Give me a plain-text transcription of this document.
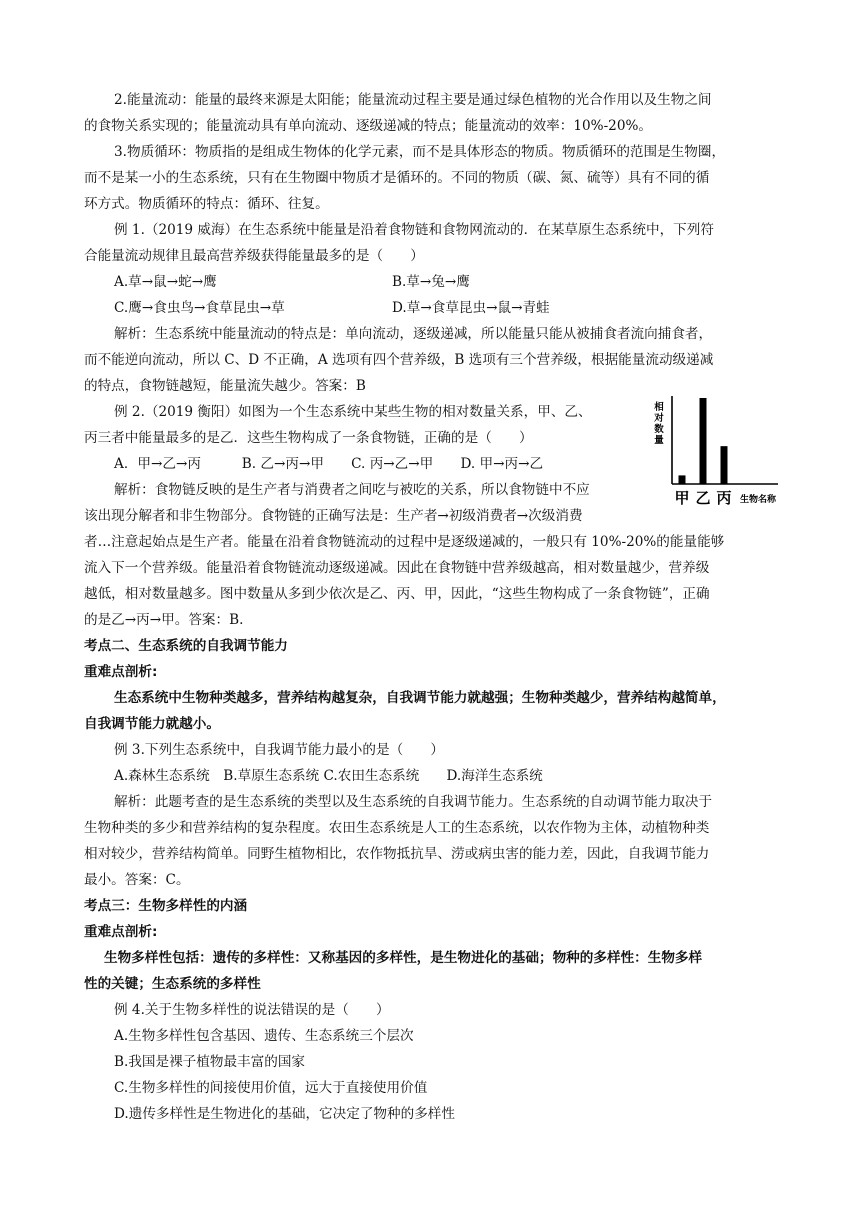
2.能量流动：能量的最终来源是太阳能；能量流动过程主要是通过绿色植物的光合作用以及生物之间
的食物关系实现的；能量流动具有单向流动、逐级递减的特点；能量流动的效率：10%-20%。
3.物质循环：物质指的是组成生物体的化学元素，而不是具体形态的物质。物质循环的范围是生物圈，
而不是某一小的生态系统，只有在生物圈中物质才是循环的。不同的物质（碳、氮、硫等）具有不同的循
环方式。物质循环的特点：循环、往复。
例 1.（2019 威海）在生态系统中能量是沿着食物链和食物网流动的．在某草原生态系统中，下列符
合能量流动规律且最高营养级获得能量最多的是（　　）
A.草→鼠→蛇→鹰	B.草→兔→鹰
C.鹰→食虫鸟→食草昆虫→草	D.草→食草昆虫→鼠→青蛙
解析：生态系统中能量流动的特点是：单向流动，逐级递减，所以能量只能从被捕食者流向捕食者，
而不能逆向流动，所以 C、D 不正确，A 选项有四个营养级，B 选项有三个营养级，根据能量流动级递减
的特点，食物链越短，能量流失越少。答案：B
例 2.（2019 衡阳）如图为一个生态系统中某些生物的相对数量关系，甲、乙、
丙三者中能量最多的是乙．这些生物构成了一条食物链，正确的是（　　）
A．甲→乙→丙　　　B. 乙→丙→甲　　C. 丙→乙→甲　　D. 甲→丙→乙
解析：食物链反映的是生产者与消费者之间吃与被吃的关系，所以食物链中不应
该出现分解者和非生物部分。食物链的正确写法是：生产者→初级消费者→次级消费
者…注意起始点是生产者。能量在沿着食物链流动的过程中是逐级递减的，一般只有 10%-20%的能量能够
流入下一个营养级。能量沿着食物链流动逐级递减。因此在食物链中营养级越高，相对数量越少，营养级
越低，相对数量越多。图中数量从多到少依次是乙、丙、甲，因此，“这些生物构成了一条食物链”，正确
的是乙→丙→甲。答案：B.
考点二、生态系统的自我调节能力
重难点剖析:
生态系统中生物种类越多，营养结构越复杂，自我调节能力就越强；生物种类越少，营养结构越简单，
自我调节能力就越小。
例 3.下列生态系统中，自我调节能力最小的是（　　）
A.森林生态系统　B.草原生态系统 C.农田生态系统　　D.海洋生态系统
解析：此题考查的是生态系统的类型以及生态系统的自我调节能力。生态系统的自动调节能力取决于
生物种类的多少和营养结构的复杂程度。农田生态系统是人工的生态系统，以农作物为主体，动植物种类
相对较少，营养结构简单。同野生植物相比，农作物抵抗旱、涝或病虫害的能力差，因此，自我调节能力
最小。答案：C。
考点三：生物多样性的内涵
重难点剖析:
生物多样性包括：遗传的多样性：又称基因的多样性，是生物进化的基础；物种的多样性：生物多样
性的关键；生态系统的多样性
例 4.关于生物多样性的说法错误的是（　　）
A.生物多样性包含基因、遗传、生态系统三个层次
B.我国是裸子植物最丰富的国家
C.生物多样性的间接使用价值，远大于直接使用价值
D.遗传多样性是生物进化的基础，它决定了物种的多样性
相
对
数
量
甲 乙 丙 生物名称
